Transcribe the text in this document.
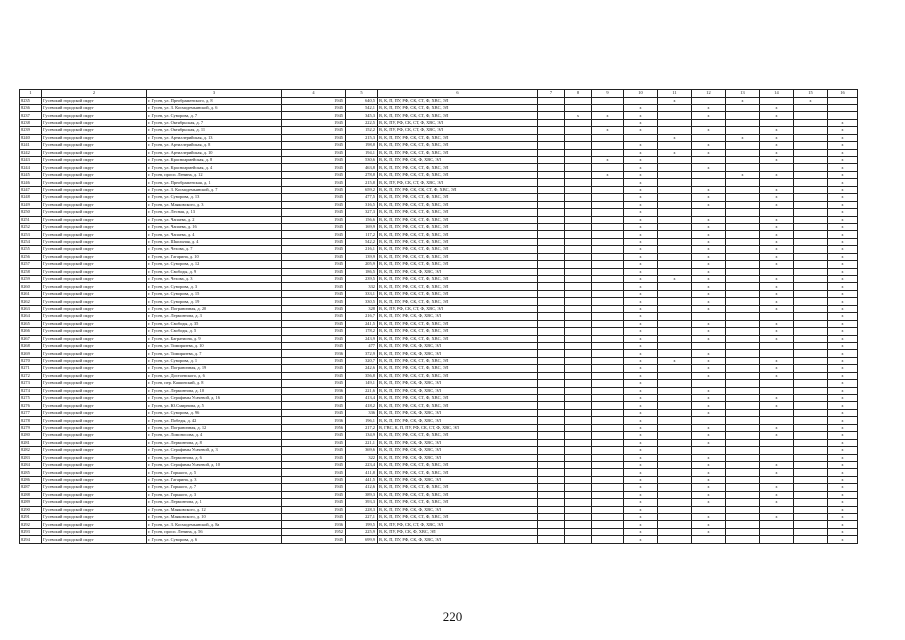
1	2	3	4	5	6	7	8	9	10	11	12	13	14	15	16
8235	Гусевский городской округ	г. Гусев, ул. Преображенского, д. 8	1945	640,5	В, К, П, ПУ, РФ, СК, СТ, Ф, ХВС, ЭЛ					х		х		х	
8236	Гусевский городской округ	г. Гусев, ул. З. Космодемьянской, д. 6	1945	542,1	В, К, П, ПУ, РФ, СК, СТ, Ф, ХВС, ЭЛ				х		х		х		
8237	Гусевский городской округ	г. Гусев, ул. Суворова, д. 7	1945	345,3	В, К, П, ПУ, РФ, СК, СТ, Ф, ХВС, ЭЛ		х	х	х		х		х		
8238	Гусевский городской округ	г. Гусев, ул. Октябрьская, д. 7	1945	222,5	В, К, ПУ, РФ, СК, СТ, Ф, ХВС, ЭЛ				х						х
8239	Гусевский городской округ	г. Гусев, ул. Октябрьская, д. 11	1945	152,2	В, К, ПУ, РФ, СК, СТ, Ф, ХВС, ЭЛ			х	х		х		х		х
8240	Гусевский городской округ	г. Гусев, ул. Артиллерийская, д. 13	1945	215,3	В, К, П, ПУ, РФ, СК, СТ, Ф, ХВС, ЭЛ					х		х	х		х
8241	Гусевский городской округ	г. Гусев, ул. Артиллерийская, д. 8	1945	198,8	В, К, П, ПУ, РФ, СК, СТ, Ф, ХВС, ЭЛ				х		х		х		х
8242	Гусевский городской округ	г. Гусев, ул. Артиллерийская, д. 10	1945	194,1	В, К, П, ПУ, РФ, СК, СТ, Ф, ХВС, ЭЛ				х	х	х		х		х
8243	Гусевский городской округ	г. Гусев, ул. Красноармейская, д. 8	1945	530,6	В, К, П, ПУ, РФ, СК, Ф, ХВС, ЭЛ			х	х				х		х
8244	Гусевский городской округ	г. Гусев, ул. Красноармейская, д. 4	1945	463,8	В, К, П, ПУ, РФ, СК, СТ, Ф, ХВС, ЭЛ				х		х				х
8245	Гусевский городской округ	г. Гусев, просп. Ленина, д. 12	1945	278,8	В, К, П, ПУ, РФ, СК, СТ, Ф, ХВС, ЭЛ			х	х			х	х		х
8246	Гусевский городской округ	г. Гусев, ул. Преображенская, д. 1	1945	215,8	В, К, ПУ, РФ, СК, СТ, Ф, ХВС, ЭЛ				х						х
8247	Гусевский городской округ	г. Гусев, ул. З. Космодемьянской, д. 7	1945	659,2	В, К, П, ПУ, РФ, СК, СК, СТ, Ф, ХВС, ЭЛ				х		х		х		х
8248	Гусевский городской округ	г. Гусев, ул. Суворова, д. 13	1945	477,5	В, К, П, ПУ, РФ, СК, СТ, Ф, ХВС, ЭЛ				х		х		х		х
8249	Гусевский городской округ	г. Гусев, ул. Маяковского, д. 3	1945	316,5	В, К, П, ПУ, РФ, СК, СТ, Ф, ХВС, ЭЛ				х		х		х		х
8250	Гусевский городской округ	г. Гусев, ул. Лесная, д. 13	1945	327,3	В, К, П, ПУ, РФ, СК, СТ, Ф, ХВС, ЭЛ				х						х
8251	Гусевский городской округ	г. Гусев, ул. Чапаева, д. 2	1945	156,6	В, К, П, ПУ, РФ, СК, СТ, Ф, ХВС, ЭЛ				х		х		х		х
8252	Гусевский городской округ	г. Гусев, ул. Чапаева, д. 16	1945	169,9	В, К, П, ПУ, РФ, СК, СТ, Ф, ХВС, ЭЛ				х		х		х		х
8253	Гусевский городской округ	г. Гусев, ул. Чапаева, д. 4	1945	117,2	В, К, П, ПУ, РФ, СК, СТ, Ф, ХВС, ЭЛ				х		х		х		х
8254	Гусевский городской округ	г. Гусев, ул. Школьная, д. 4	1945	542,2	В, К, П, ПУ, РФ, СК, СТ, Ф, ХВС, ЭЛ				х		х		х		х
8255	Гусевский городской округ	г. Гусев, ул. Чехова, д. 7	1945	216,1	В, К, П, ПУ, РФ, СК, СТ, Ф, ХВС, ЭЛ				х		х		х		х
8256	Гусевский городской округ	г. Гусев, ул. Гагарина, д. 10	1945	139,9	В, К, П, ПУ, РФ, СК, СТ, Ф, ХВС, ЭЛ				х		х		х		х
8257	Гусевский городской округ	г. Гусев, ул. Суворова, д. 12	1945	205,9	В, К, П, ПУ, РФ, СК, СТ, Ф, ХВС, ЭЛ				х		х		х		х
8258	Гусевский городской округ	г. Гусев, ул. Свободы, д. 9	1945	186,5	В, К, П, ПУ, РФ, СК, Ф, ХВС, ЭЛ				х		х				х
8259	Гусевский городской округ	г. Гусев, ул. Чехова, д. 3	1945	239,5	В, К, П, ПУ, РФ, СК, СТ, Ф, ХВС, ЭЛ				х	х	х		х		х
8260	Гусевский городской округ	г. Гусев, ул. Суворова, д. 3	1945	332	В, К, П, ПУ, РФ, СК, СТ, Ф, ХВС, ЭЛ				х		х		х		х
8261	Гусевский городской округ	г. Гусев, ул. Суворова, д. 15	1945	333,1	В, К, П, ПУ, РФ, СК, СТ, Ф, ХВС, ЭЛ				х		х		х		х
8262	Гусевский городской округ	г. Гусев, ул. Суворова, д. 19	1945	330,5	В, К, П, ПУ, РФ, СК, СТ, Ф, ХВС, ЭЛ				х		х		х		х
8263	Гусевский городской округ	г. Гусев, ул. Пограничная, д. 20	1945	328	В, К, ПУ, РФ, СК, СТ, Ф, ХВС, ЭЛ				х		х		х		х
8264	Гусевский городской округ	г. Гусев, ул. Лермонтова, д. 3	1945	216,7	В, К, П, ПУ, РФ, СК, Ф, ХВС, ЭЛ				х						х
8265	Гусевский городской округ	г. Гусев, ул. Свободы, д. 35	1945	241,5	В, К, П, ПУ, РФ, СК, СТ, Ф, ХВС, ЭЛ				х		х		х		х
8266	Гусевский городской округ	г. Гусев, ул. Свободы, д. 5	1945	178,2	В, К, П, ПУ, РФ, СК, СТ, Ф, ХВС, ЭЛ				х		х		х		х
8267	Гусевский городской округ	г. Гусев, ул. Багратиона, д. 9	1945	243,9	В, К, П, ПУ, РФ, СК, СТ, Ф, ХВС, ЭЛ				х		х		х		х
8268	Гусевский городской округ	г. Гусев, ул. Тимирязева, д. 10	1945	477	В, К, П, ПУ, РФ, СК, Ф, ХВС, ЭЛ				х						х
8269	Гусевский городской округ	г. Гусев, ул. Тимирязева, д. 7	1936	372,9	В, К, П, ПУ, РФ, СК, Ф, ХВС, ЭЛ				х		х				х
8270	Гусевский городской округ	г. Гусев, ул. Суворова, д. 1	1945	320,7	В, К, П, ПУ, РФ, СК, СТ, Ф, ХВС, ЭЛ				х	х	х		х		х
8271	Гусевский городской округ	г. Гусев, ул. Пограничная, д. 19	1945	242,6	В, К, П, ПУ, РФ, СК, СТ, Ф, ХВС, ЭЛ				х		х		х		х
8272	Гусевский городской округ	г. Гусев, ул. Достоевского, д. 6	1945	356,8	В, К, П, ПУ, РФ, СК, СТ, Ф, ХВС, ЭЛ				х		х		х		х
8273	Гусевский городской округ	г. Гусев, пер. Кашинский, д. 8	1945	149,1	В, К, П, ПУ, РФ, СК, Ф, ХВС, ЭЛ				х						х
8274	Гусевский городской округ	г. Гусев, ул. Лермонтова, д. 10	1936	221,6	В, К, П, ПУ, РФ, СК, Ф, ХВС, ЭЛ				х		х				х
8275	Гусевский городской округ	г. Гусев, ул. Серафимы Усачевой, д. 16	1945	413,4	В, К, П, ПУ, РФ, СК, СТ, Ф, ХВС, ЭЛ				х		х		х		х
8276	Гусевский городской округ	г. Гусев, ул. Ю.Смирнова, д. 5	1945	418,2	В, К, П, ПУ, РФ, СК, СТ, Ф, ХВС, ЭЛ				х		х		х		х
8277	Гусевский городской округ	г. Гусев, ул. Суворова, д. 96	1945	336	В, К, П, ПУ, РФ, СК, Ф, ХВС, ЭЛ				х		х				х
8278	Гусевский городской округ	г. Гусев, ул. Победы, д. 42	1936	196,1	В, К, П, ПУ, РФ, СК, Ф, ХВС, ЭЛ				х						х
8279	Гусевский городской округ	г. Гусев, ул. Пограничная, д. 12	1956	217,2	В, ГВС, К, П, ПУ, РФ, СК, СТ, Ф, ХВС, ЭЛ				х		х		х		х
8280	Гусевский городской округ	г. Гусев, ул. Ломоносова, д. 4	1945	134,9	В, К, П, ПУ, РФ, СК, СТ, Ф, ХВС, ЭЛ				х		х		х		х
8281	Гусевский городской округ	г. Гусев, ул. Лермонтова, д. 8	1945	221,1	В, К, П, ПУ, РФ, СК, Ф, ХВС, ЭЛ				х		х				х
8282	Гусевский городской округ	г. Гусев, ул. Серафимы Усачевой, д. 3	1945	369,6	В, К, П, ПУ, РФ, СК, Ф, ХВС, ЭЛ				х						х
8283	Гусевский городской округ	г. Гусев, ул. Лермонтова, д. 6	1945	322	В, К, П, ПУ, РФ, СК, Ф, ХВС, ЭЛ				х		х				х
8284	Гусевский городской округ	г. Гусев, ул. Серафимы Усачевой, д. 10	1945	223,4	В, К, П, ПУ, РФ, СК, СТ, Ф, ХВС, ЭЛ				х		х		х		х
8285	Гусевский городской округ	г. Гусев, ул. Горького, д. 5	1945	411,8	В, К, П, ПУ, РФ, СК, СТ, Ф, ХВС, ЭЛ				х		х		х		х
8286	Гусевский городской округ	г. Гусев, ул. Гагарина, д. 3	1945	441,5	В, К, П, ПУ, РФ, СК, Ф, ХВС, ЭЛ				х		х				х
8287	Гусевский городской округ	г. Гусев, ул. Горького, д. 7	1945	412,6	В, К, П, ПУ, РФ, СК, СТ, Ф, ХВС, ЭЛ				х		х		х		х
8288	Гусевский городской округ	г. Гусев, ул. Горького, д. 3	1945	389,3	В, К, П, ПУ, РФ, СК, СТ, Ф, ХВС, ЭЛ				х		х		х		х
8289	Гусевский городской округ	г. Гусев, ул. Лермонтова, д. 1	1945	393,3	В, К, П, ПУ, РФ, СК, СТ, Ф, ХВС, ЭЛ				х		х		х		х
8290	Гусевский городской округ	г. Гусев, ул. Маяковского, д. 12	1945	228,3	В, К, П, ПУ, РФ, СК, Ф, ХВС, ЭЛ				х						х
8291	Гусевский городской округ	г. Гусев, ул. Маяковского, д. 10	1945	227,1	В, К, П, ПУ, РФ, СК, СТ, Ф, ХВС, ЭЛ				х		х		х		х
8292	Гусевский городской округ	г. Гусев, ул. З. Космодемьянской, д. 8а	1936	199,5	В, К, ПУ, РФ, СК, СТ, Ф, ХВС, ЭЛ				х		х				х
8293	Гусевский городской округ	г. Гусев, просп. Ленина, д. 56	1952	225,9	В, К, ПУ, РФ, СК, Ф, ХВС, ЭЛ				х		х				х
8294	Гусевский городской округ	г. Гусев, ул. Суворова, д. 6	1945	699,9	В, К, П, ПУ, РФ, СК, Ф, ХВС, ЭЛ				х						х
220
